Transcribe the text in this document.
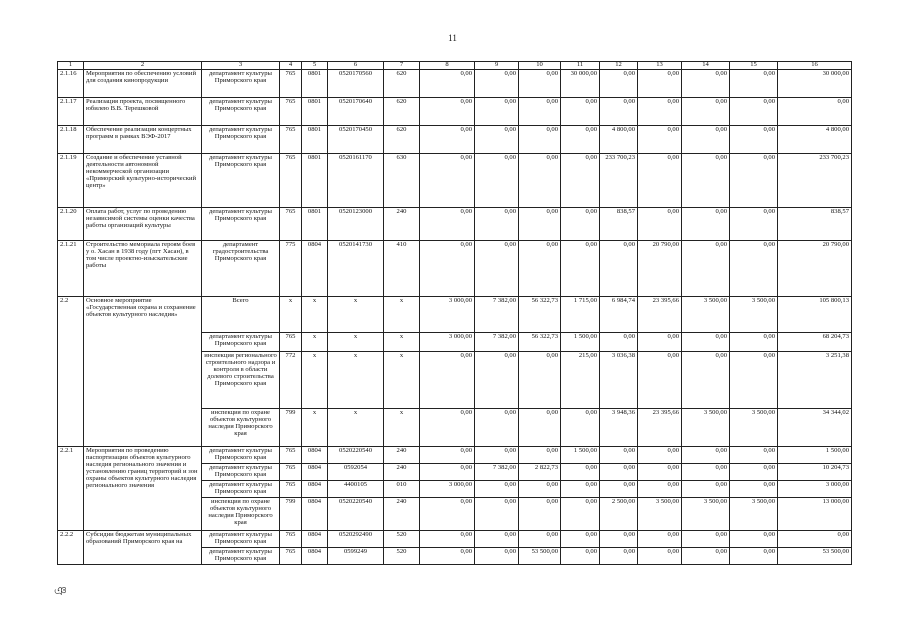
11
1	2	3	4	5	6	7	8	9	10	11	12	13	14	15	16
2.1.16	Мероприятия по обеспечению условий для создания кинопродукции	департамент культуры Приморского края	765	0801	0520170560	620	0,00	0,00	0,00	30 000,00	0,00	0,00	0,00	0,00	30 000,00
2.1.17	Реализация проекта, посвященного юбилею В.В. Терешковой	департамент культуры Приморского края	765	0801	0520170640	620	0,00	0,00	0,00	0,00	0,00	0,00	0,00	0,00	0,00
2.1.18	Обеспечение реализации концертных программ в рамках ВЭФ-2017	департамент культуры Приморского края	765	0801	0520170450	620	0,00	0,00	0,00	0,00	4 800,00	0,00	0,00	0,00	4 800,00
2.1.19	Создание и обеспечение уставной деятельности автономной некоммерческой организации «Приморский культурно-исторический центр»	департамент культуры Приморского края	765	0801	0520161170	630	0,00	0,00	0,00	0,00	233 700,23	0,00	0,00	0,00	233 700,23
2.1.20	Оплата работ, услуг по проведению независимой системы оценки качества работы организаций культуры	департамент культуры Приморского края	765	0801	0520123000	240	0,00	0,00	0,00	0,00	838,57	0,00	0,00	0,00	838,57
2.1.21	Строительство мемориала героям боев у о. Хасан в 1938 году (пгт Хасан), в том числе проектно-изыскательские работы	департамент градостроительства Приморского края	775	0804	0520141730	410	0,00	0,00	0,00	0,00	0,00	20 790,00	0,00	0,00	20 790,00
2.2	Основное мероприятие «Государственная охрана и сохранение объектов культурного наследия»	Всего	x	x	x	x	3 000,00	7 382,00	56 322,73	1 715,00	6 984,74	23 395,66	3 500,00	3 500,00	105 800,13
		департамент культуры Приморского края	765	x	x	x	3 000,00	7 382,00	56 322,73	1 500,00	0,00	0,00	0,00	0,00	68 204,73
		инспекция регионального строительного надзора и контроля в области долевого строительства Приморского края	772	x	x	x	0,00	0,00	0,00	215,00	3 036,38	0,00	0,00	0,00	3 251,38
		инспекция по охране объектов культурного наследия Приморского края	799	x	x	x	0,00	0,00	0,00	0,00	3 948,36	23 395,66	3 500,00	3 500,00	34 344,02
2.2.1	Мероприятия по проведению паспортизации объектов культурного наследия регионального значения и установлению границ территорий и зон охраны объектов культурного наследия регионального значения	департамент культуры Приморского края	765	0804	0520220540	240	0,00	0,00	0,00	1 500,00	0,00	0,00	0,00	0,00	1 500,00
		департамент культуры Приморского края	765	0804	0592054	240	0,00	7 382,00	2 822,73	0,00	0,00	0,00	0,00	0,00	10 204,73
		департамент культуры Приморского края	765	0804	4400105	010	3 000,00	0,00	0,00	0,00	0,00	0,00	0,00	0,00	3 000,00
		инспекция по охране объектов культурного наследия Приморского края	799	0804	0520220540	240	0,00	0,00	0,00	0,00	2 500,00	3 500,00	3 500,00	3 500,00	13 000,00
2.2.2	Субсидии бюджетам муниципальных образований Приморского края на	департамент культуры Приморского края	765	0804	0520292490	520	0,00	0,00	0,00	0,00	0,00	0,00	0,00	0,00	0,00
		департамент культуры Приморского края	765	0804	0599249	520	0,00	0,00	53 500,00	0,00	0,00	0,00	0,00	0,00	53 500,00
ঞ
